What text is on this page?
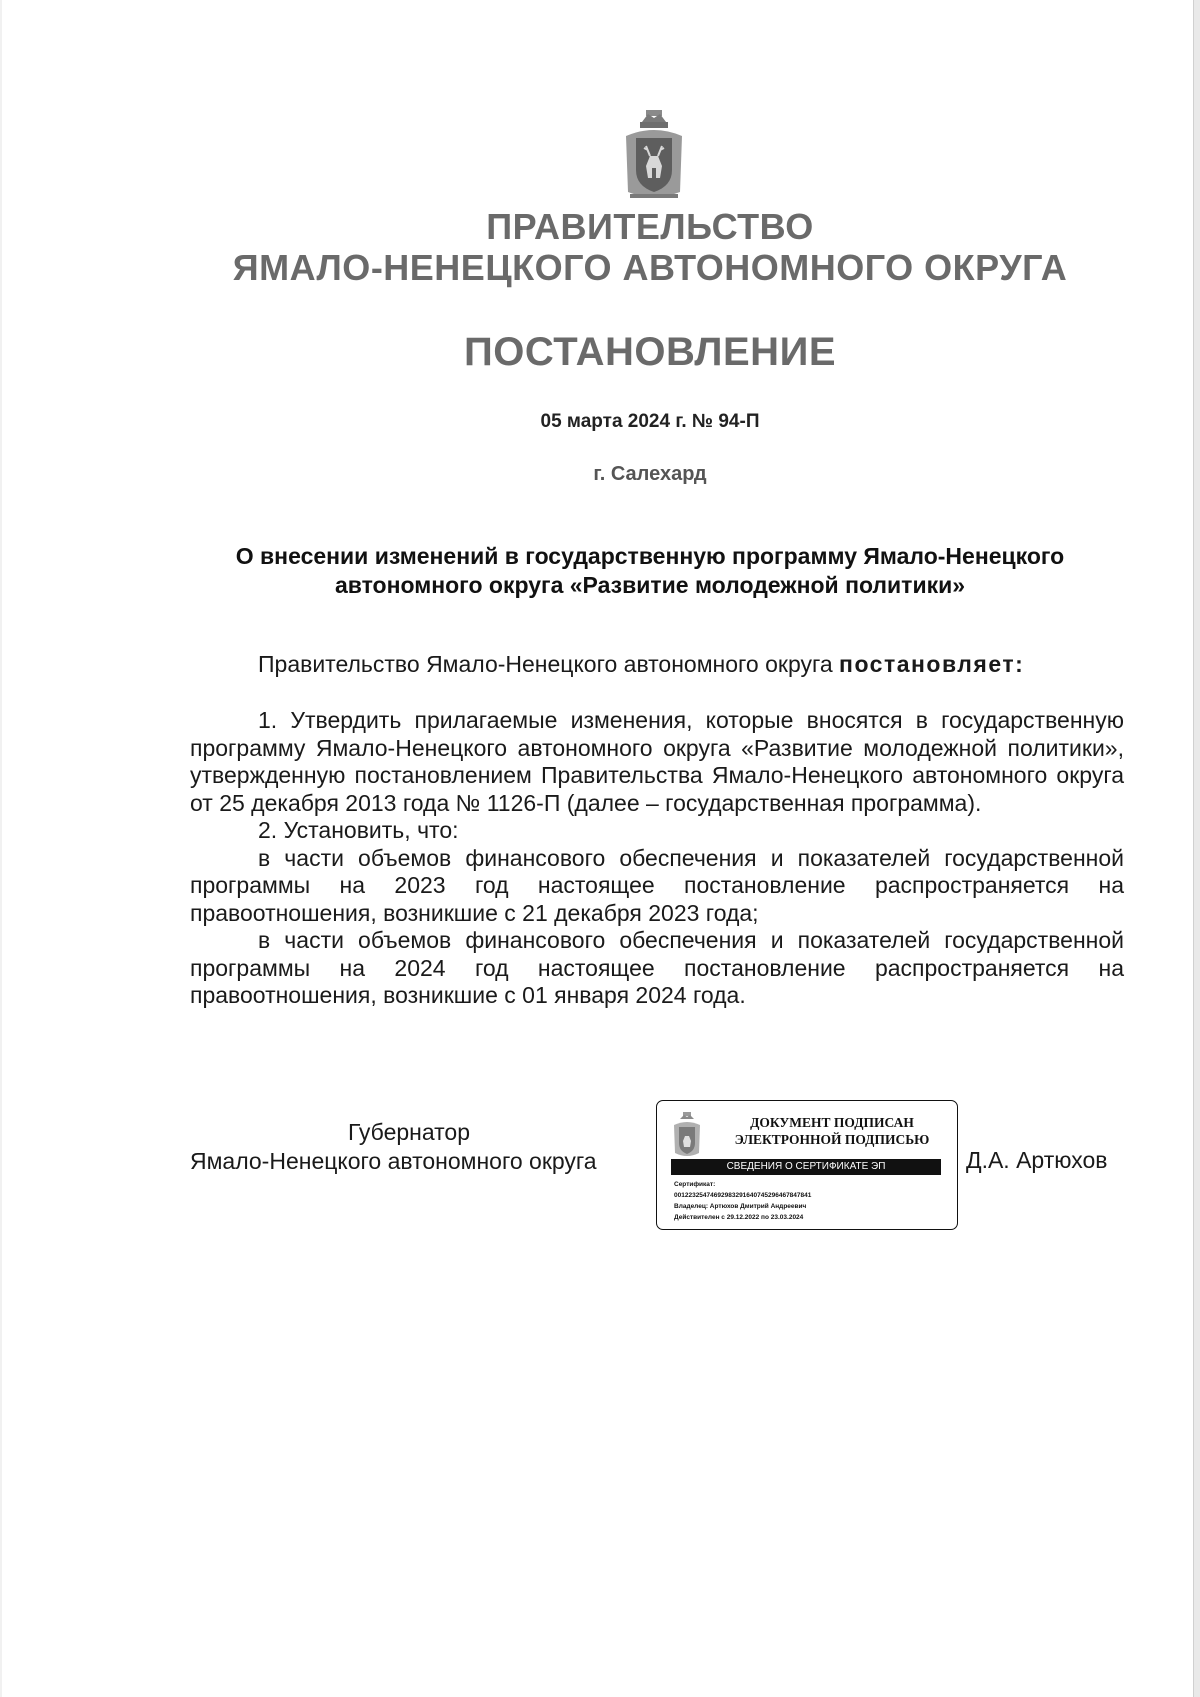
ПРАВИТЕЛЬСТВО
ЯМАЛО-НЕНЕЦКОГО АВТОНОМНОГО ОКРУГА
ПОСТАНОВЛЕНИЕ
05 марта 2024 г. № 94-П
г. Салехард
О внесении изменений в государственную программу Ямало-Ненецкого
автономного округа «Развитие молодежной политики»
Правительство Ямало-Ненецкого автономного округа постановляет:

1. Утвердить прилагаемые изменения, которые вносятся в государственную программу Ямало-Ненецкого автономного округа «Развитие молодежной политики», утвержденную постановлением Правительства Ямало-Ненецкого автономного округа от 25 декабря 2013 года № 1126-П (далее – государственная программа).

2. Установить, что:

в части объемов финансового обеспечения и показателей государственной программы на 2023 год настоящее постановление распространяется на правоотношения, возникшие с 21 декабря 2023 года;

в части объемов финансового обеспечения и показателей государственной программы на 2024 год настоящее постановление распространяется на правоотношения, возникшие с 01 января 2024 года.

Губернатор
Ямало-Ненецкого автономного округа
ДОКУМЕНТ ПОДПИСАН
ЭЛЕКТРОННОЙ ПОДПИСЬЮ
СВЕДЕНИЯ О СЕРТИФИКАТЕ ЭП
Сертификат:
00122325474692983291640745296467847841
Владелец: Артюхов Дмитрий Андреевич
Действителен с 29.12.2022 по 23.03.2024
Д.А. Артюхов
